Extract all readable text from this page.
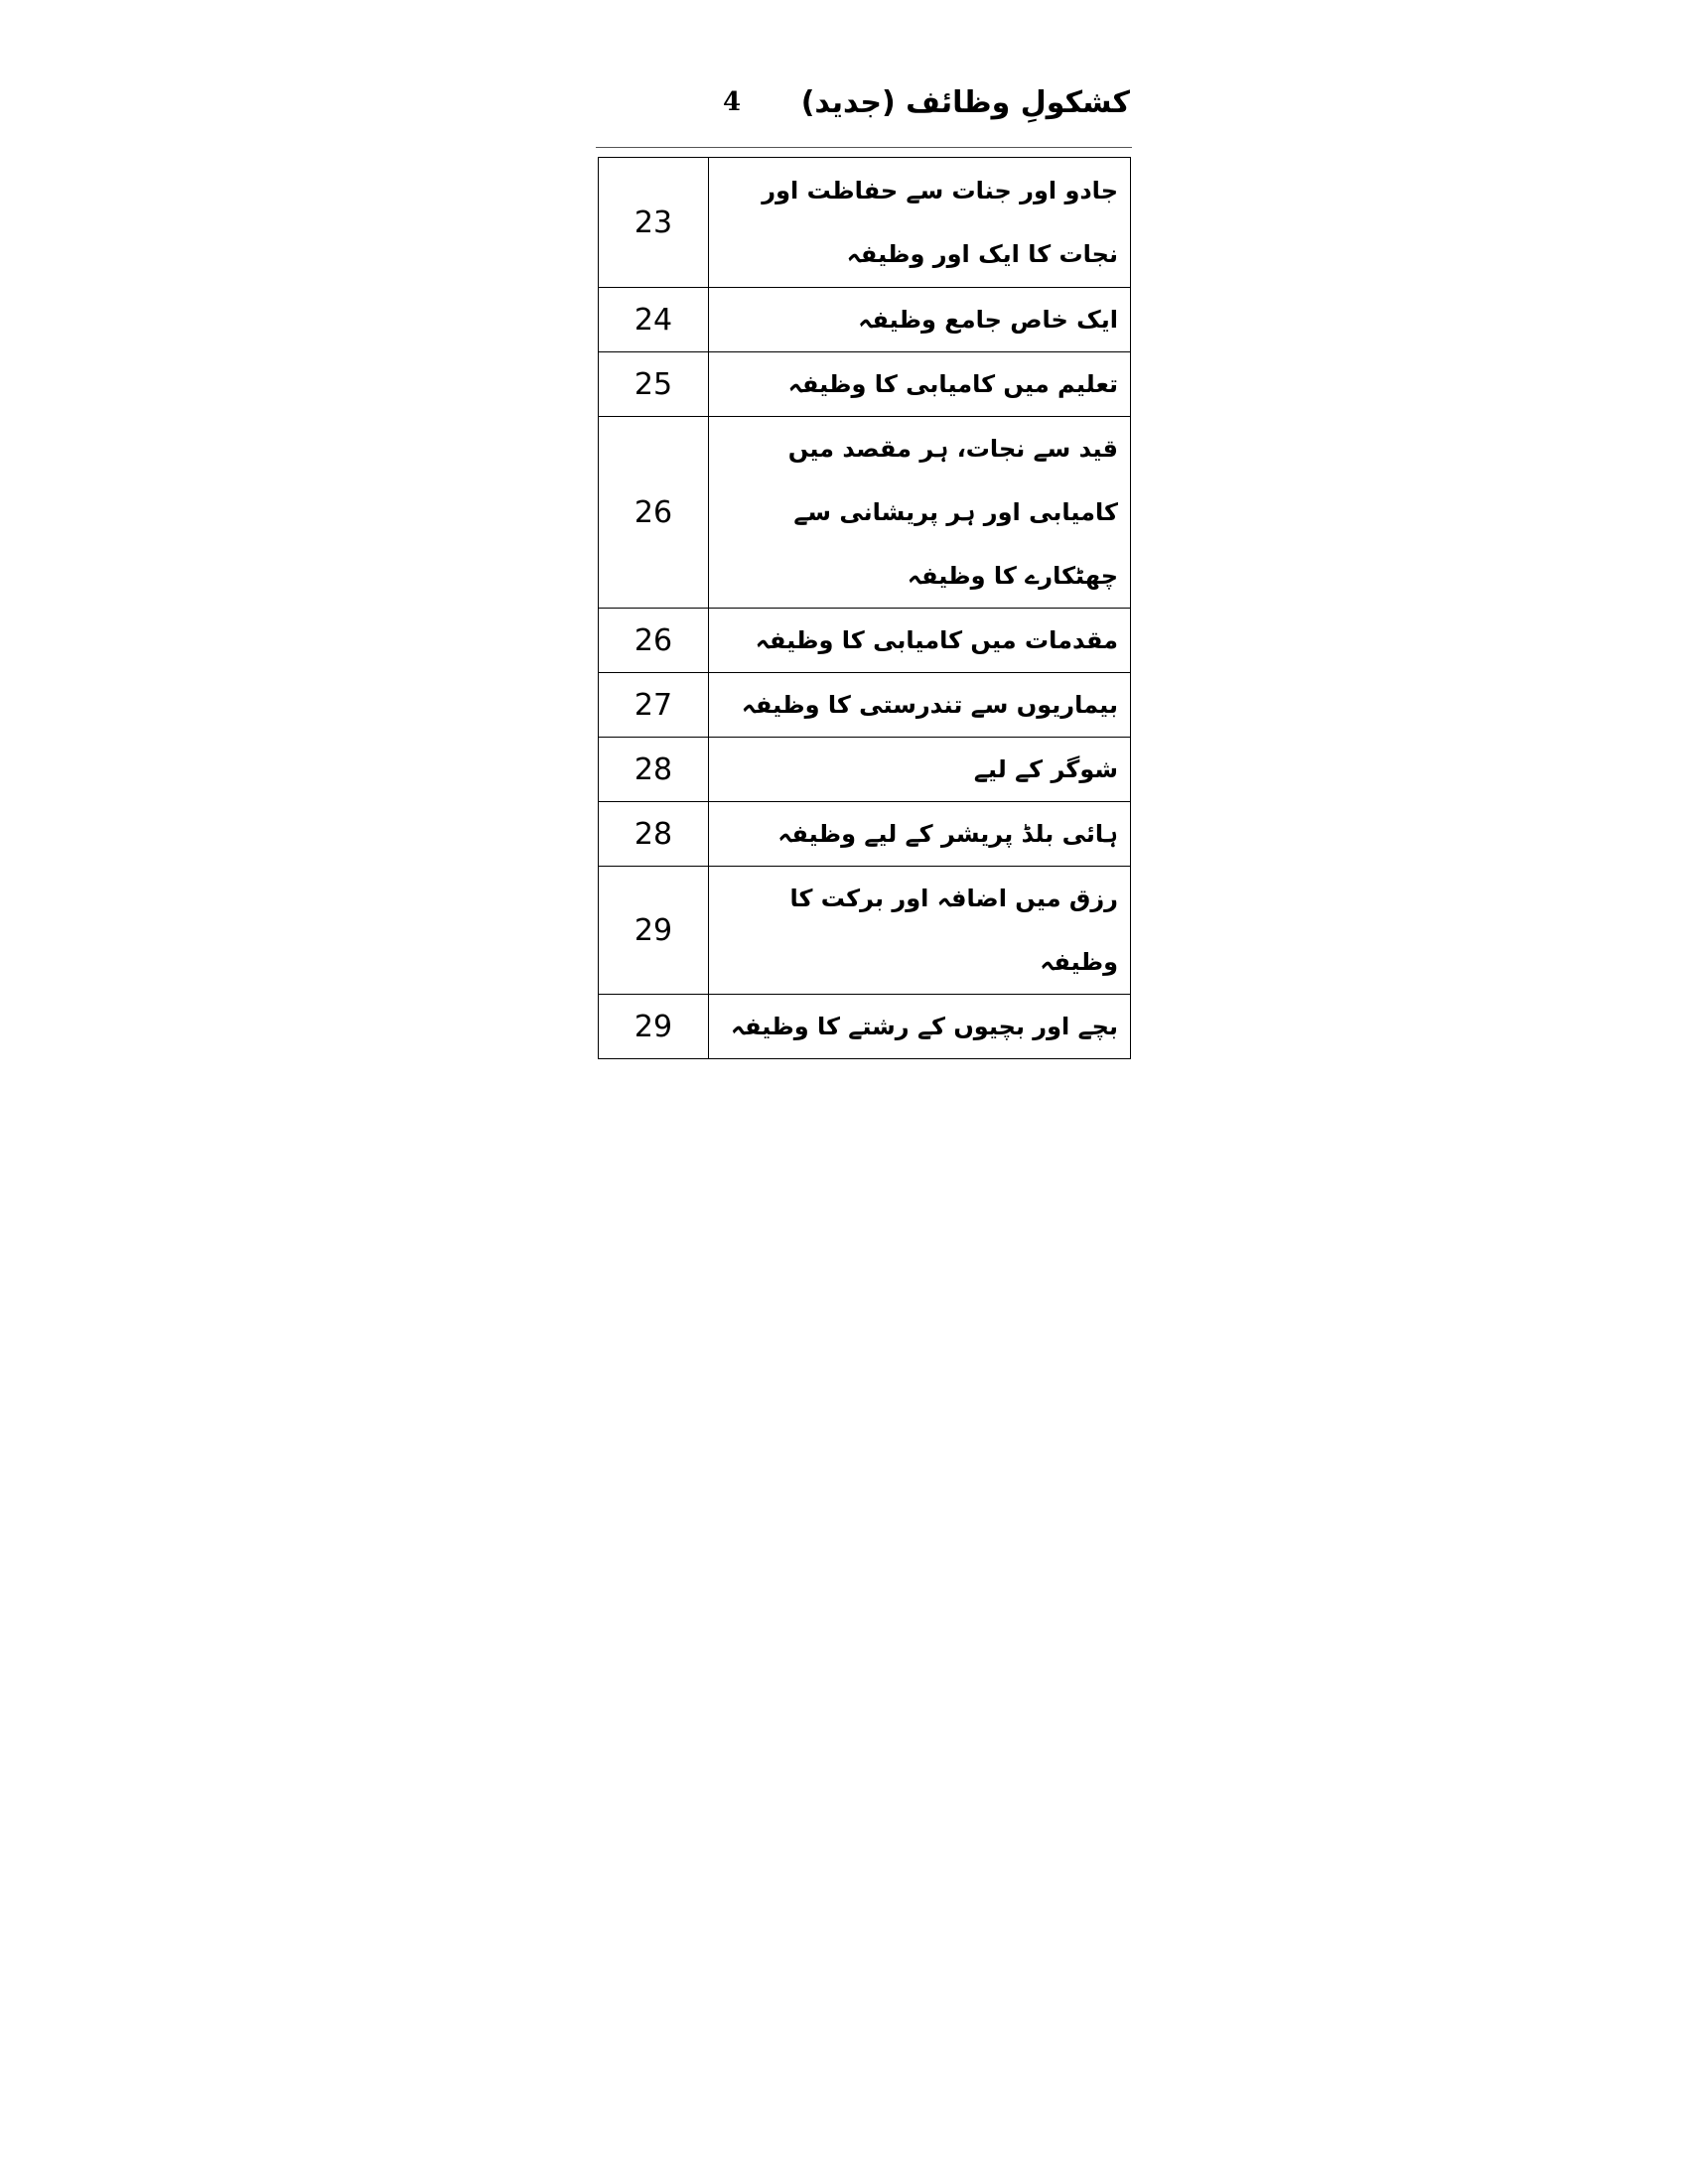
کشکولِ وظائف (جدید)
4
23	جادو اور جنات سے حفاظت اور نجات کا ایک اور وظیفہ
24	ایک خاص جامع وظیفہ
25	تعلیم میں کامیابی کا وظیفہ
26	قید سے نجات، ہر مقصد میں کامیابی اور ہر پریشانی سے چھٹکارے کا وظیفہ
26	مقدمات میں کامیابی کا وظیفہ
27	بیماریوں سے تندرستی کا وظیفہ
28	شوگر کے لیے
28	ہائی بلڈ پریشر کے لیے وظیفہ
29	رزق میں اضافہ اور برکت کا وظیفہ
29	بچے اور بچیوں کے رشتے کا وظیفہ
